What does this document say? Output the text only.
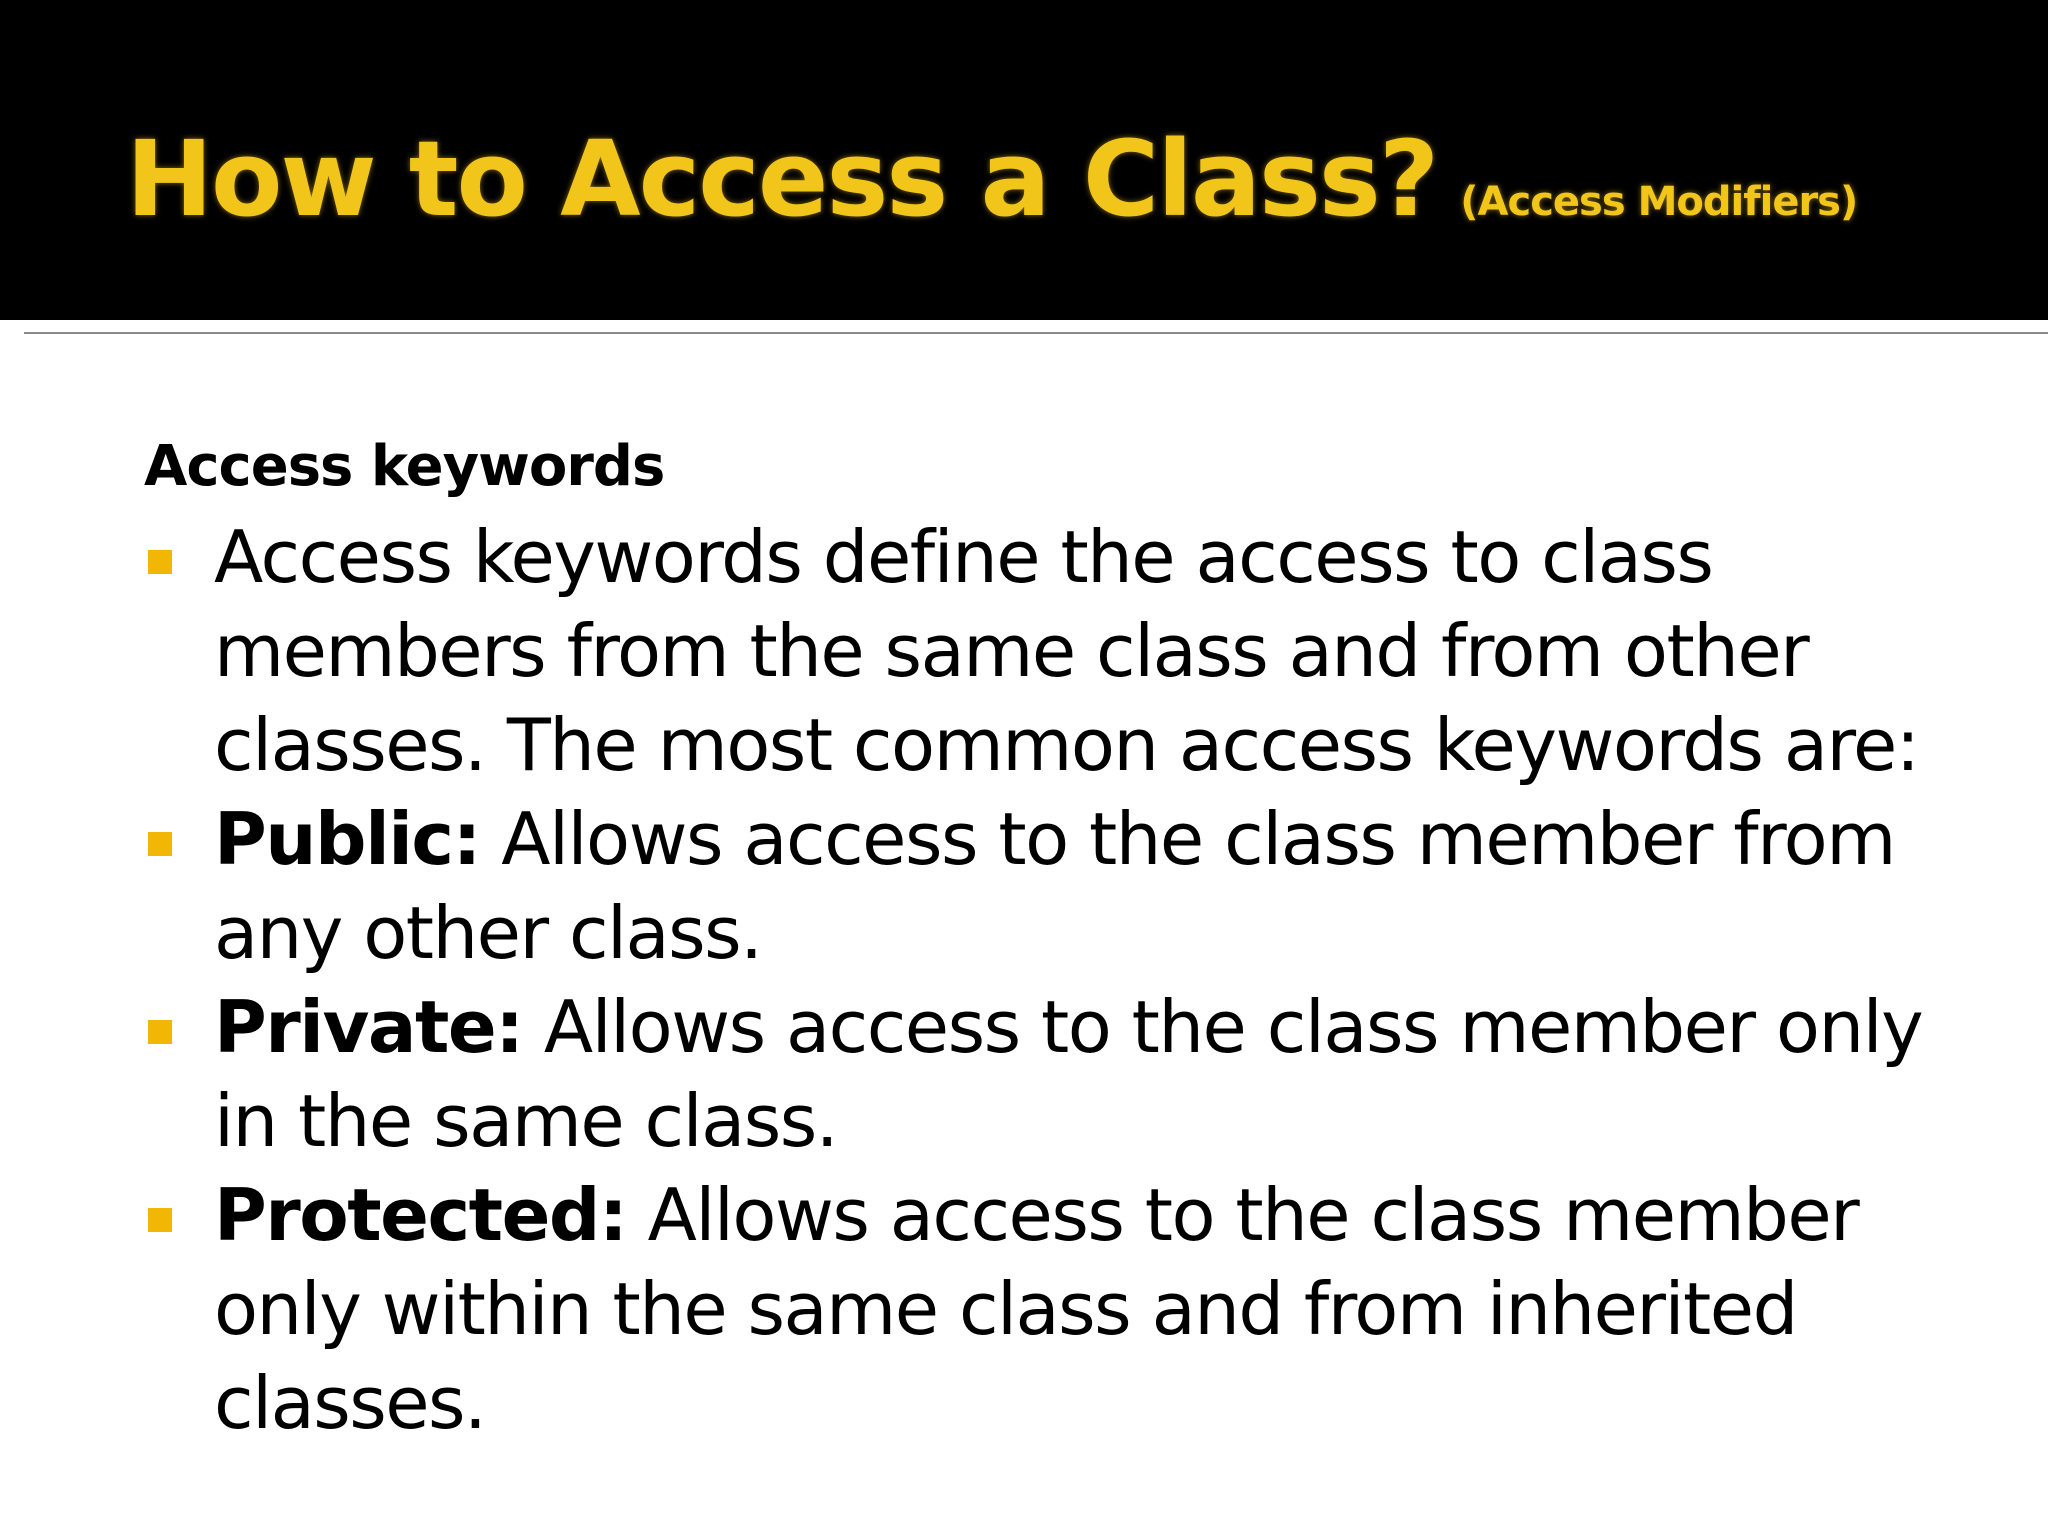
How to Access a Class? (Access Modifiers)
Access keywords
Access keywords define the access to class members from the same class and from other classes. The most common access keywords are:
Public: Allows access to the class member from any other class.
Private: Allows access to the class member only in the same class.
Protected: Allows access to the class member only within the same class and from inherited classes.
